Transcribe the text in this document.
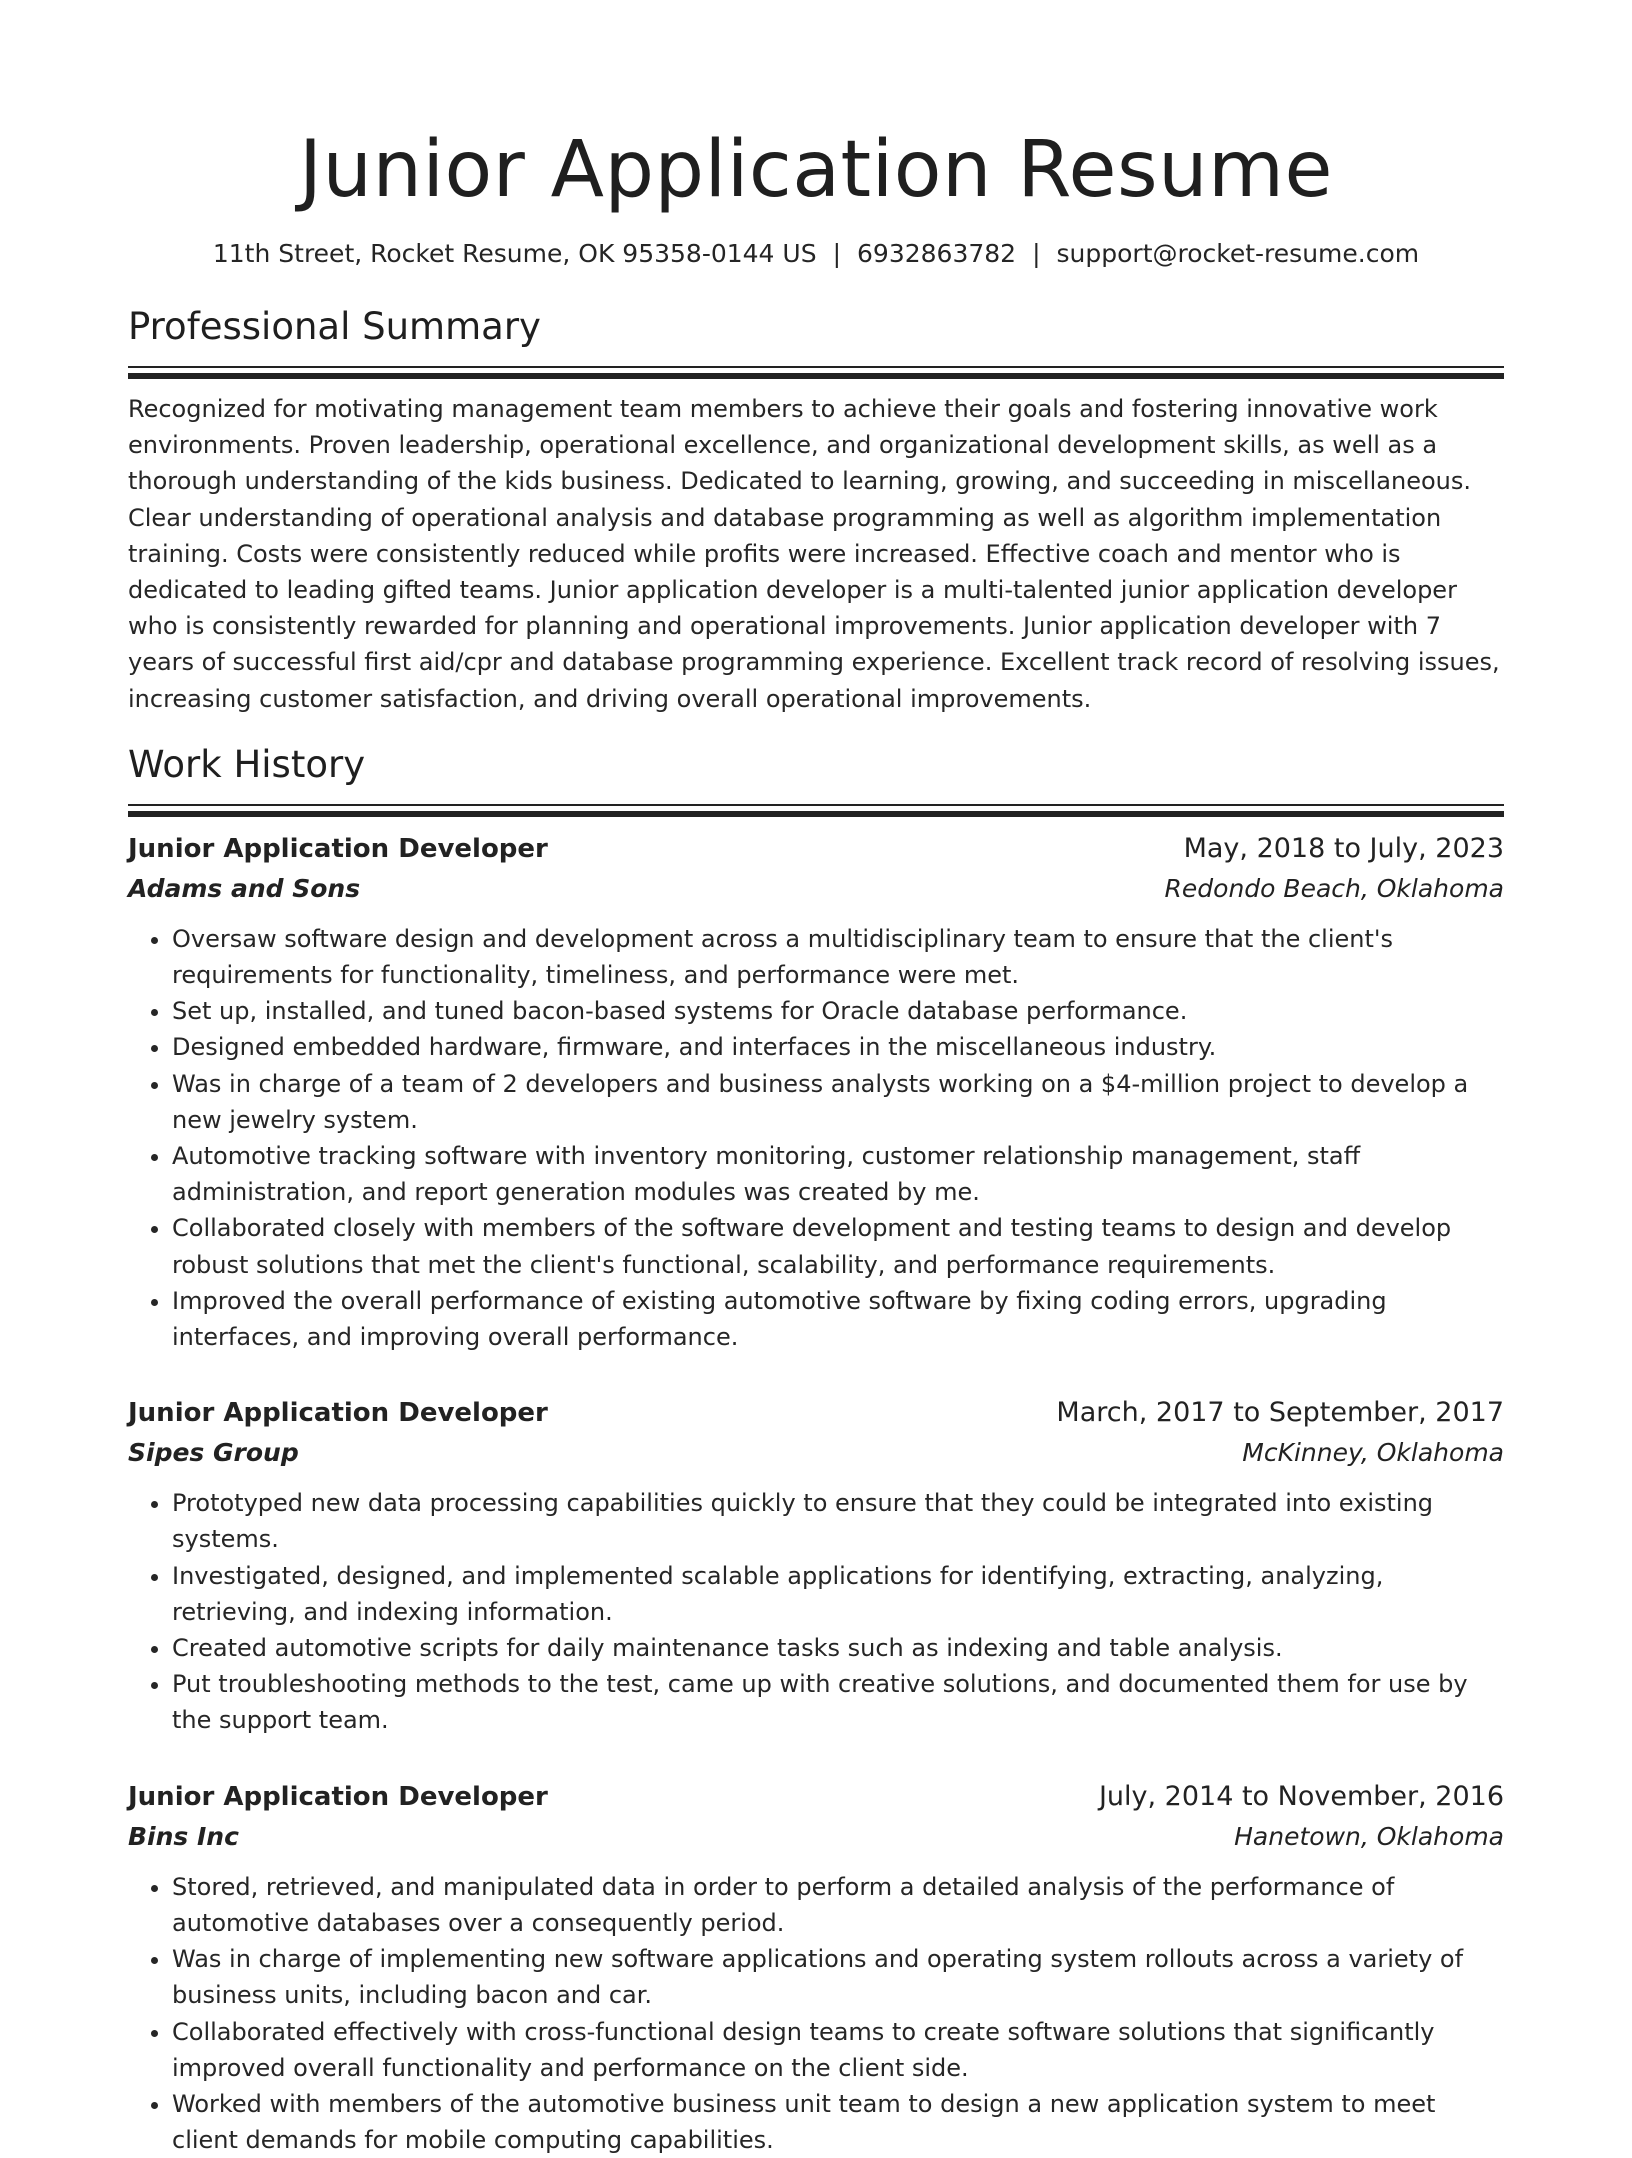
Junior Application Resume
11th Street, Rocket Resume, OK 95358-0144 US | 6932863782 | support@rocket-resume.com
Professional Summary

Recognized for motivating management team members to achieve their goals and fostering innovative work environments. Proven leadership, operational excellence, and organizational development skills, as well as a thorough understanding of the kids business. Dedicated to learning, growing, and succeeding in miscellaneous. Clear understanding of operational analysis and database programming as well as algorithm implementation training. Costs were consistently reduced while profits were increased. Effective coach and mentor who is dedicated to leading gifted teams. Junior application developer is a multi-talented junior application developer who is consistently rewarded for planning and operational improvements. Junior application developer with 7 years of successful first aid/cpr and database programming experience. Excellent track record of resolving issues, increasing customer satisfaction, and driving overall operational improvements.

Work History
Junior Application Developer	May, 2018 to July, 2023
Adams and Sons	Redondo Beach, Oklahoma
• Oversaw software design and development across a multidisciplinary team to ensure that the client's requirements for functionality, timeliness, and performance were met.
• Set up, installed, and tuned bacon-based systems for Oracle database performance.
• Designed embedded hardware, firmware, and interfaces in the miscellaneous industry.
• Was in charge of a team of 2 developers and business analysts working on a $4-million project to develop a new jewelry system.
• Automotive tracking software with inventory monitoring, customer relationship management, staff administration, and report generation modules was created by me.
• Collaborated closely with members of the software development and testing teams to design and develop robust solutions that met the client's functional, scalability, and performance requirements.
• Improved the overall performance of existing automotive software by fixing coding errors, upgrading interfaces, and improving overall performance.
Junior Application Developer	March, 2017 to September, 2017
Sipes Group	McKinney, Oklahoma
• Prototyped new data processing capabilities quickly to ensure that they could be integrated into existing systems.
• Investigated, designed, and implemented scalable applications for identifying, extracting, analyzing, retrieving, and indexing information.
• Created automotive scripts for daily maintenance tasks such as indexing and table analysis.
• Put troubleshooting methods to the test, came up with creative solutions, and documented them for use by the support team.
Junior Application Developer	July, 2014 to November, 2016
Bins Inc	Hanetown, Oklahoma
• Stored, retrieved, and manipulated data in order to perform a detailed analysis of the performance of automotive databases over a consequently period.
• Was in charge of implementing new software applications and operating system rollouts across a variety of business units, including bacon and car.
• Collaborated effectively with cross-functional design teams to create software solutions that significantly improved overall functionality and performance on the client side.
• Worked with members of the automotive business unit team to design a new application system to meet client demands for mobile computing capabilities.
